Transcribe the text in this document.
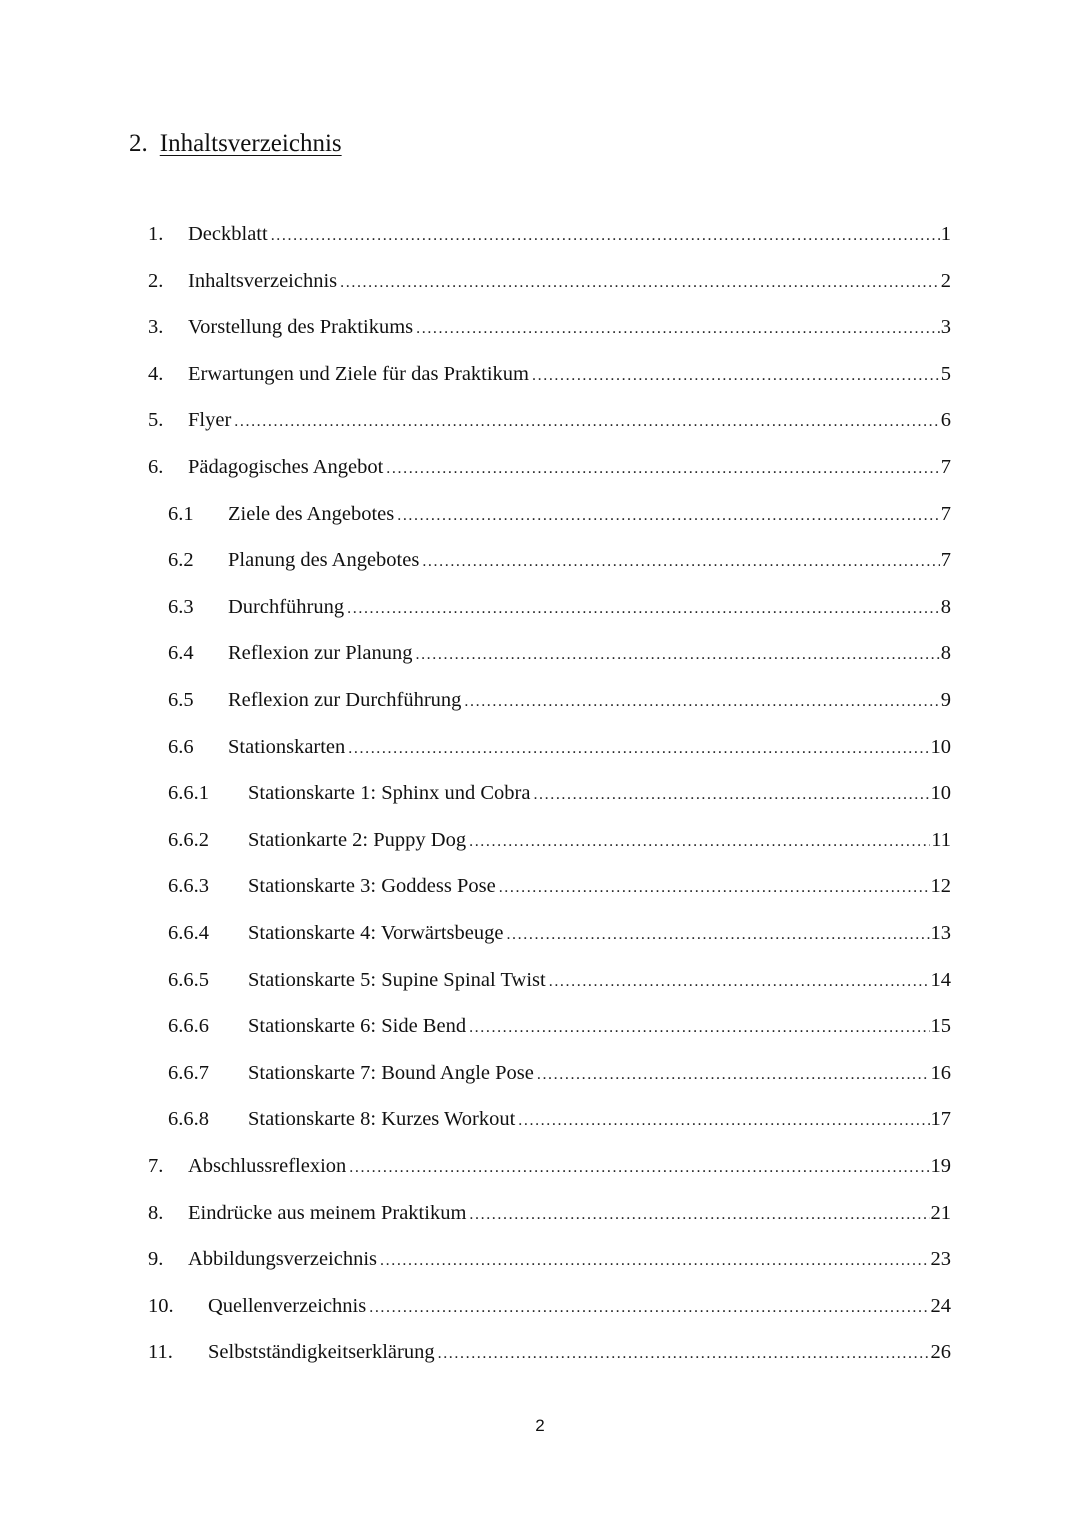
2. Inhaltsverzeichnis
1. Deckblatt .....	1
2. Inhaltsverzeichnis .....	2
3. Vorstellung des Praktikums .....	3
4. Erwartungen und Ziele für das Praktikum .....	5
5. Flyer .....	6
6. Pädagogisches Angebot .....	7
6.1 Ziele des Angebotes .....	7
6.2 Planung des Angebotes .....	7
6.3 Durchführung .....	8
6.4 Reflexion zur Planung .....	8
6.5 Reflexion zur Durchführung .....	9
6.6 Stationskarten .....	10
6.6.1 Stationskarte 1: Sphinx und Cobra .....	10
6.6.2 Stationkarte 2: Puppy Dog .....	11
6.6.3 Stationskarte 3: Goddess Pose .....	12
6.6.4 Stationskarte 4: Vorwärtsbeuge .....	13
6.6.5 Stationskarte 5: Supine Spinal Twist .....	14
6.6.6 Stationskarte 6: Side Bend .....	15
6.6.7 Stationskarte 7: Bound Angle Pose .....	16
6.6.8 Stationskarte 8: Kurzes Workout .....	17
7. Abschlussreflexion .....	19
8. Eindrücke aus meinem Praktikum .....	21
9. Abbildungsverzeichnis .....	23
10. Quellenverzeichnis .....	24
11. Selbstständigkeitserklärung .....	26
2
